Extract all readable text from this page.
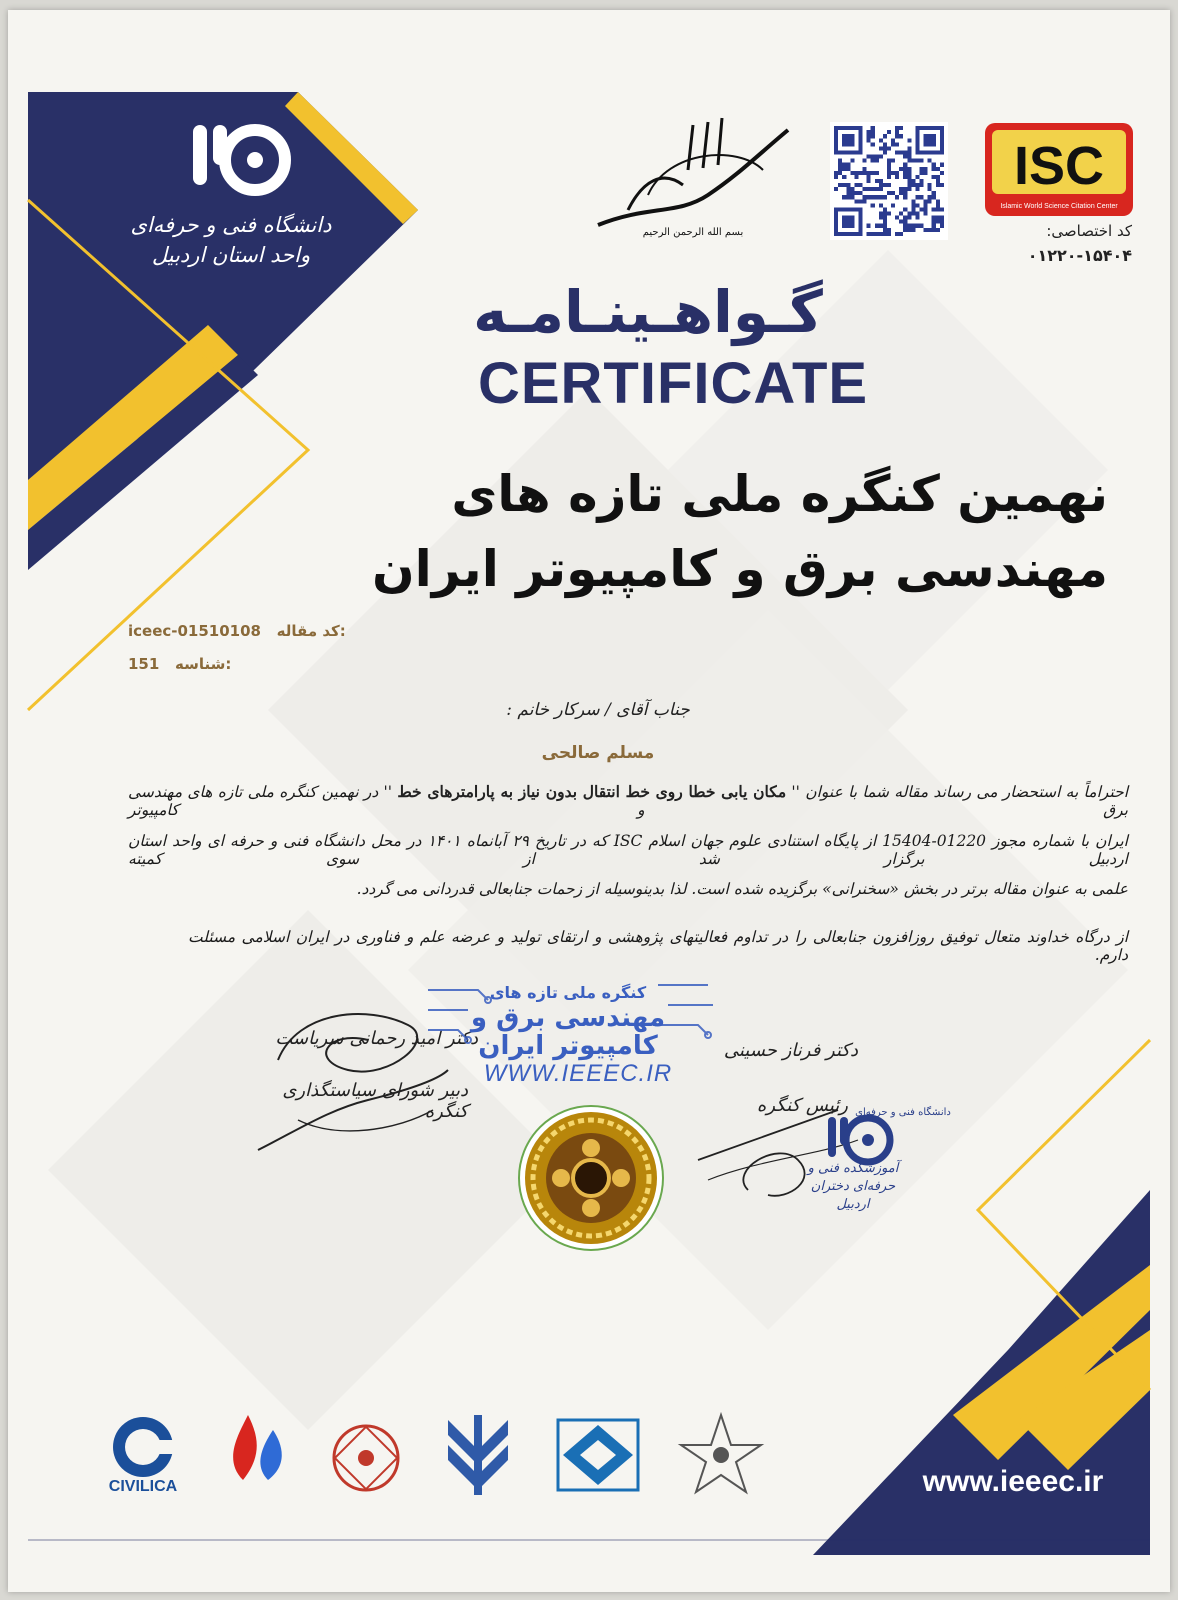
دانشگاه فنی و حرفه‌ای
واحد استان اردبیل
بسم الله الرحمن الرحیم
ISC
Islamic World Science Citation Center
کد اختصاصی:
۰۱۲۲۰-۱۵۴۰۴
گـواهـینـامـه
CERTIFICATE
نهمین کنگره ملی تازه های
مهندسی برق و کامپیوتر ایران
iceec-01510108 کد مقاله:
151 شناسه:
جناب آقای / سرکار خانم :
مسلم صالحی
احتراماً به استحضار می رساند مقاله شما با عنوان '' مکان یابی خطا روی خط انتقال بدون نیاز به پارامترهای خط '' در نهمین کنگره ملی تازه های مهندسی برق و کامپیوتر
ایران با شماره مجوز 01220-15404 از پایگاه استنادی علوم جهان اسلام ISC که در تاریخ ۲۹ آبانماه ۱۴۰۱ در محل دانشگاه فنی و حرفه ای واحد استان اردبیل برگزار شد از سوی کمیته
علمی به عنوان مقاله برتر در بخش «سخنرانی» برگزیده شده است. لذا بدینوسیله از زحمات جنابعالی قدردانی می گردد.
از درگاه خداوند متعال توفیق روزافزون جنابعالی را در تداوم فعالیتهای پژوهشی و ارتقای تولید و عرضه علم و فناوری در ایران اسلامی مسئلت دارم.
دکتر امید رحمانی سریاست
دبیر شورای سیاستگذاری کنگره
کنگره ملی تازه های
مهندسی برق و
کامپیوتر ایران
WWW.IEEEC.IR
دکتر فرناز حسینی
رئیس کنگره دانشگاه فنی و حرفه‌ای
آموزشکده فنی و حرفه‌ای دختران اردبیل
CIVILICA	www.ieeec.ir
